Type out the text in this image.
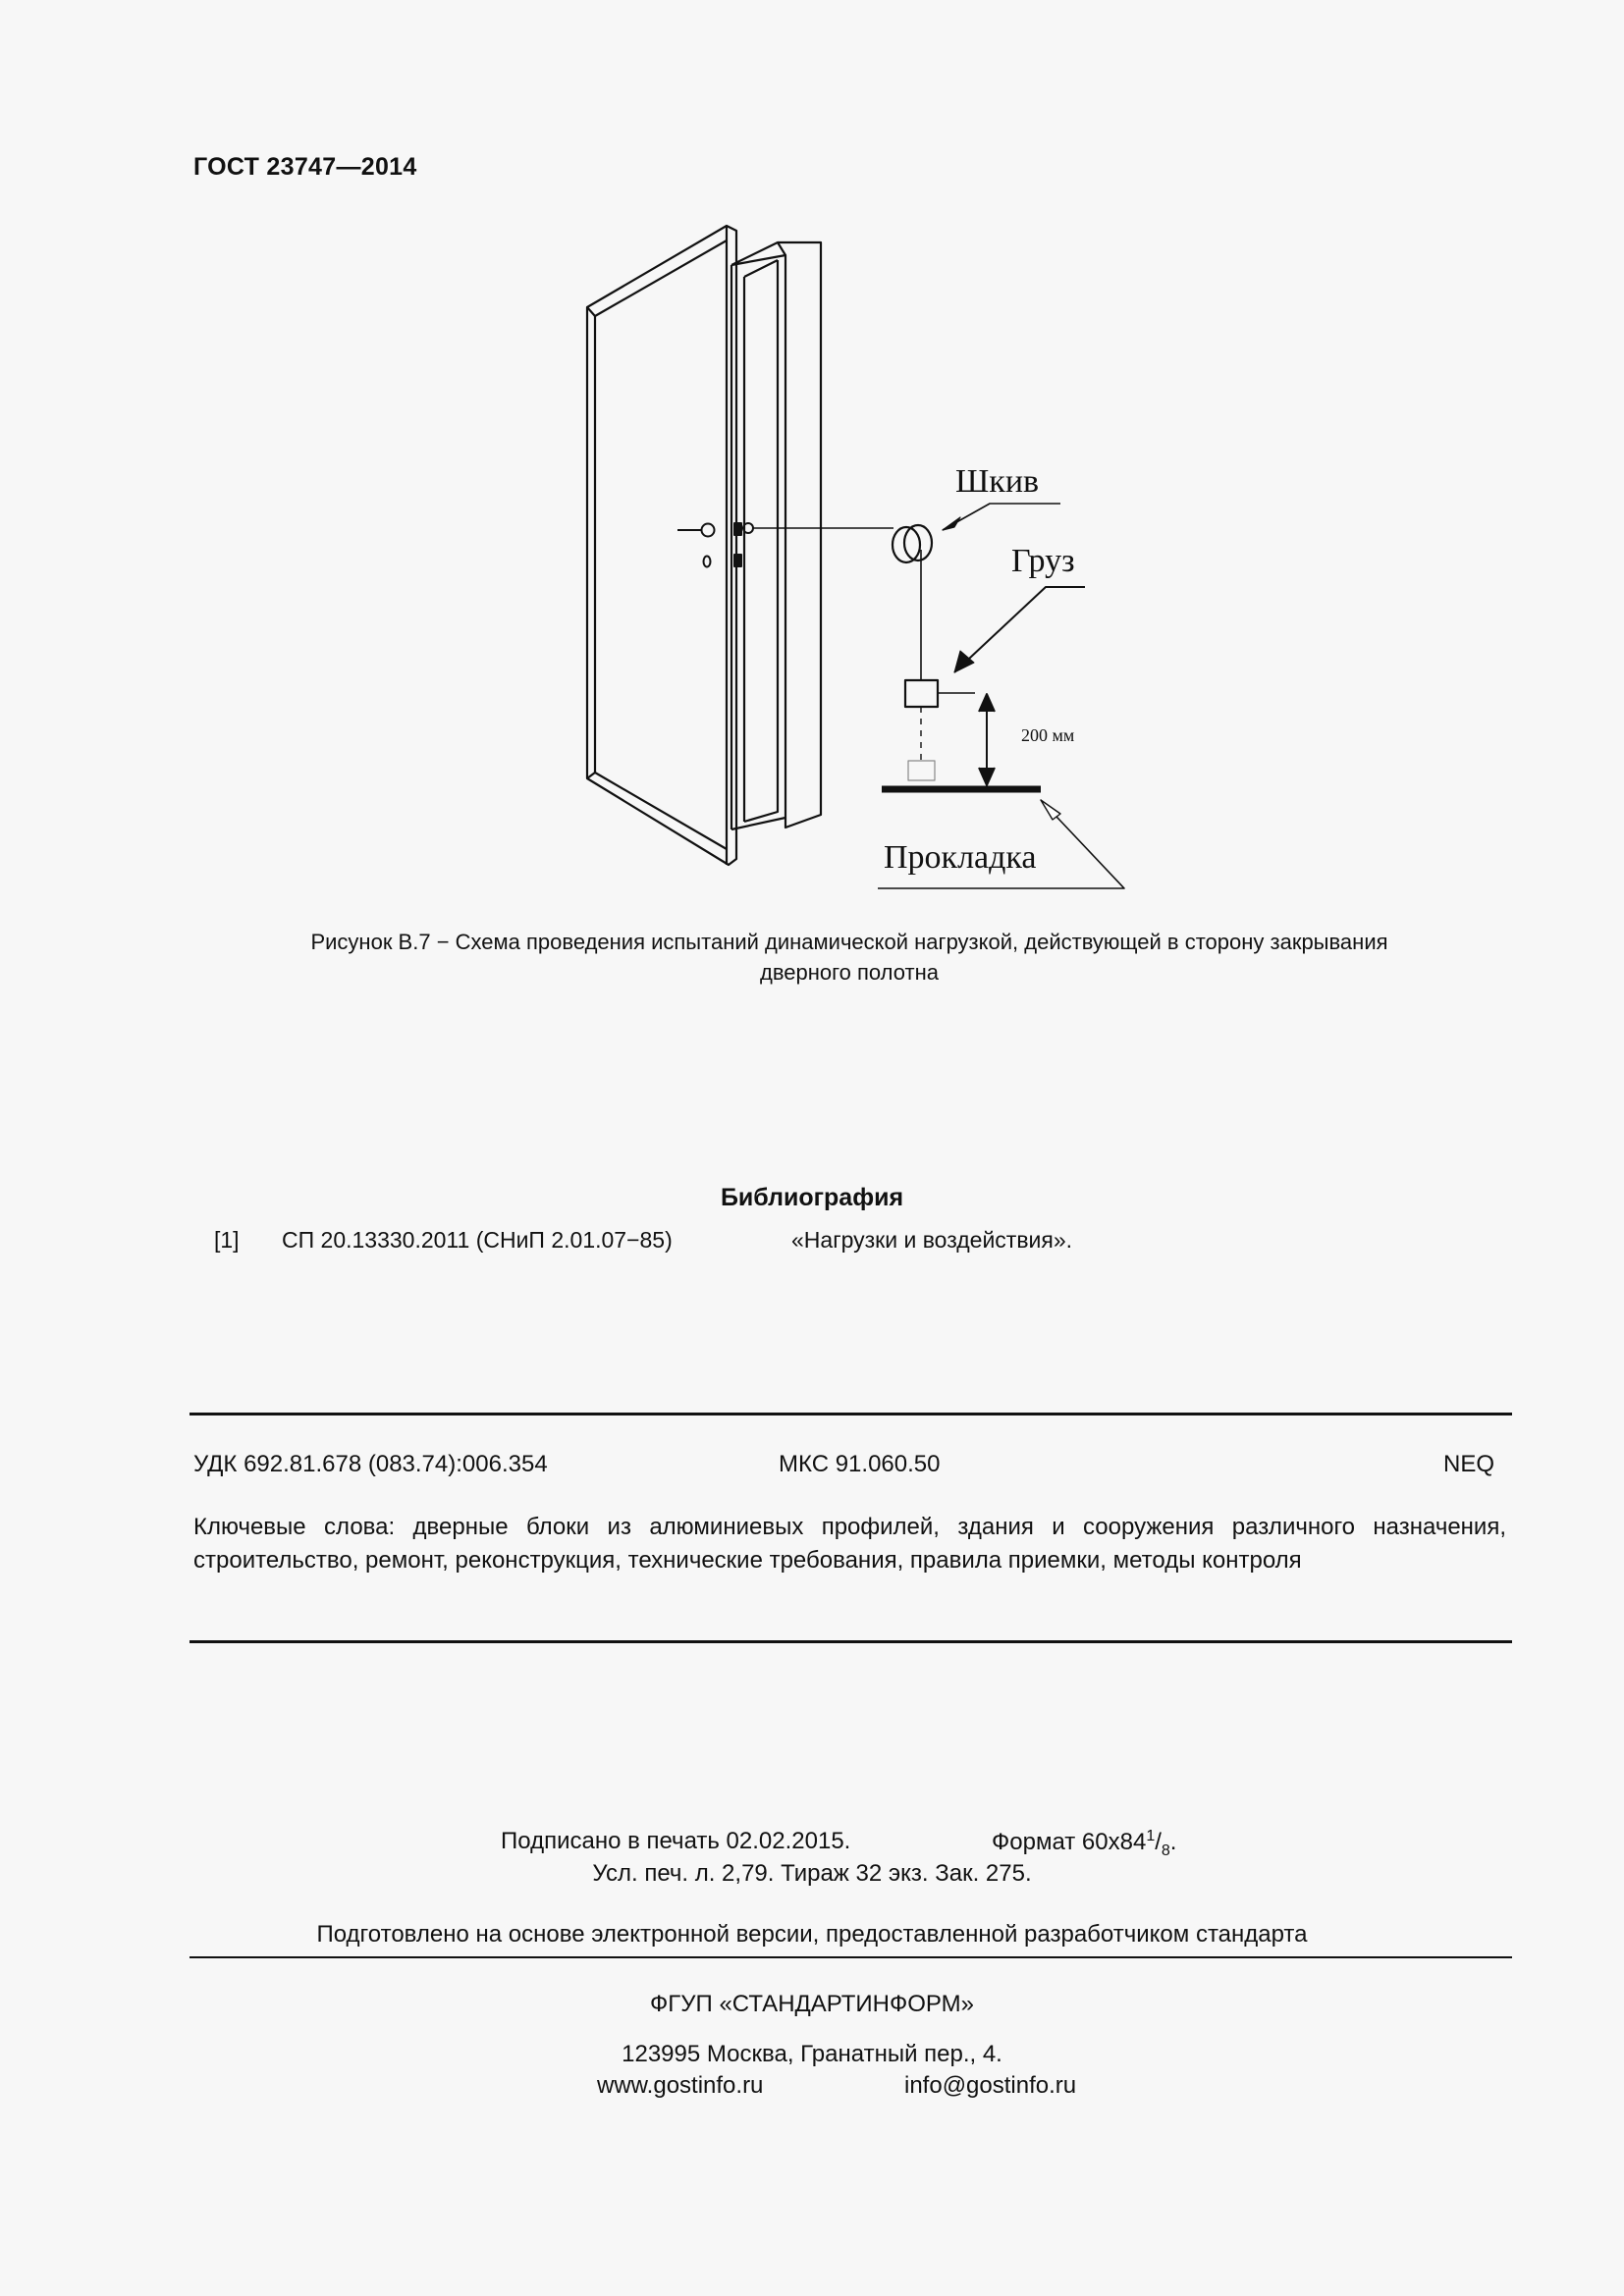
ГОСТ 23747—2014
Шкив
Груз
200 мм
Прокладка
Рисунок В.7 − Схема проведения испытаний динамической нагрузкой, действующей в сторону закрывания
дверного полотна
Библиография
[1] СП 20.13330.2011 (СНиП 2.01.07−85)	«Нагрузки и воздействия».
УДК 692.81.678 (083.74):006.354	МКС 91.060.50	NEQ
Ключевые слова: дверные блоки из алюминиевых профилей, здания и сооружения различного назначения, строительство, ремонт, реконструкция, технические требования, правила приемки, методы контроля
Подписано в печать 02.02.2015.	Формат $60x84^1/_8$.
Усл. печ. л. 2,79. Тираж 32 экз. Зак. 275.
Подготовлено на основе электронной версии, предоставленной разработчиком стандарта
ФГУП «СТАНДАРТИНФОРМ»
123995 Москва, Гранатный пер., 4.
www.gostinfo.ru	info@gostinfo.ru
